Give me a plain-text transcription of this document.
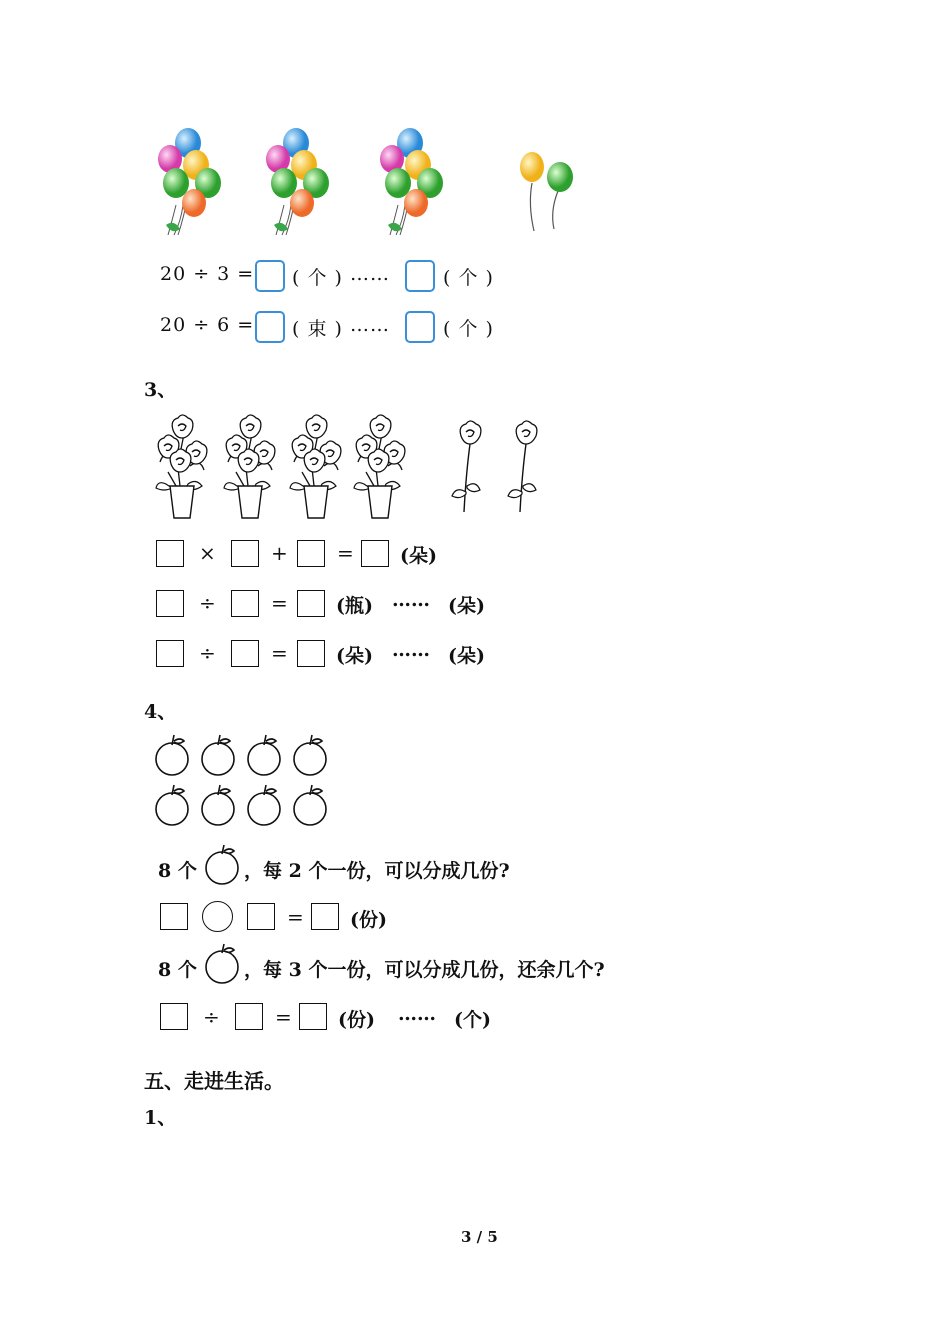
20 ÷ 3 = ( 个 ) ……	( 个 )
20 ÷ 6 = ( 束 ) ……	( 个 )
3、
×	+ = (朵)
÷	=	(瓶) …… (朵)
÷	=	(朵) …… (朵)
4、
8 个 ，每 2 个一份，可以分成几份?
= (份)
8 个 ，每 3 个一份，可以分成几份，还余几个?
÷	= (份) …… (个)
五、走进生活。
1、
3 / 5
